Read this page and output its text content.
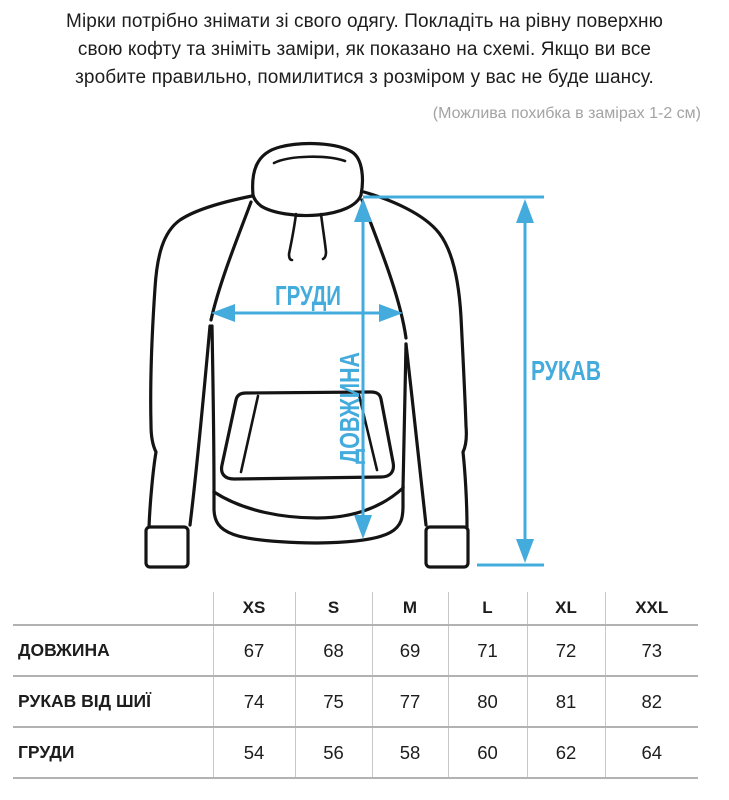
Мірки потрібно знімати зі свого одягу. Покладіть на рівну поверхню
свою кофту та зніміть заміри, як показано на схемі. Якщо ви все
зробите правильно, помилитися з розміром у вас не буде шансу.
(Можлива похибка в замірах 1-2 см)
ГРУДИ
ДОВЖИНА	РУКАВ
	XS	S	M	L	XL	XXL
ДОВЖИНА	67	68	69	71	72	73
РУКАВ ВІД ШИЇ	74	75	77	80	81	82
ГРУДИ	54	56	58	60	62	64
